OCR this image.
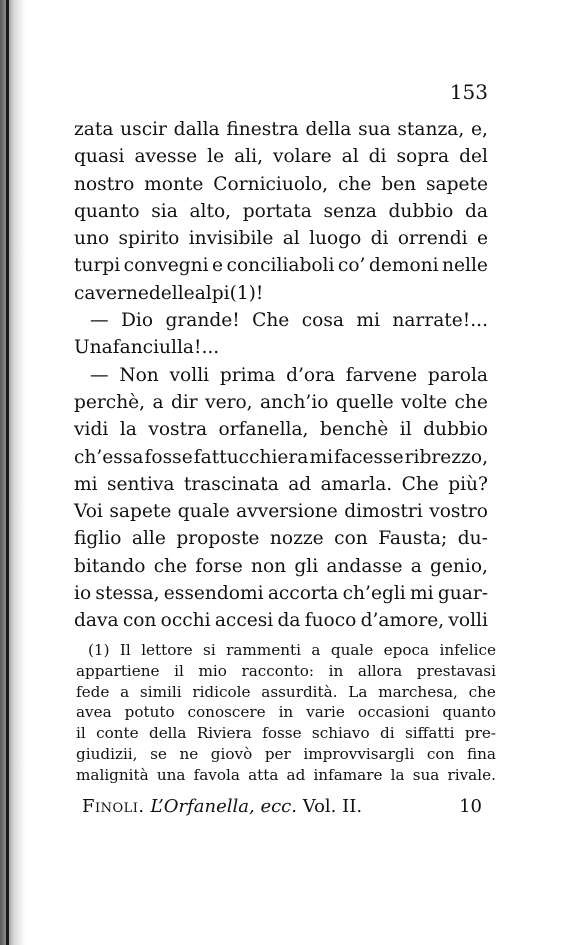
153
zata uscir dalla finestra della sua stanza, e,
quasi avesse le ali, volare al di sopra del
nostro monte Corniciuolo, che ben sapete
quanto sia alto, portata senza dubbio da
uno spirito invisibile al luogo di orrendi e
turpi convegni e conciliaboli co’ demoni nelle
caverne delle alpi (1)!
— Dio grande! Che cosa mi narrate!...
Una fanciulla!...
— Non volli prima d’ora farvene parola
perchè, a dir vero, anch’io quelle volte che
vidi la vostra orfanella, benchè il dubbio
ch’essa fosse fattucchiera mi facesse ribrezzo,
mi sentiva trascinata ad amarla. Che più?
Voi sapete quale avversione dimostri vostro
figlio alle proposte nozze con Fausta; du-
bitando che forse non gli andasse a genio,
io stessa, essendomi accorta ch’egli mi guar-
dava con occhi accesi da fuoco d’amore, volli
(1) Il lettore si rammenti a quale epoca infelice
appartiene il mio racconto: in allora prestavasi
fede a simili ridicole assurdità. La marchesa, che
avea potuto conoscere in varie occasioni quanto
il conte della Riviera fosse schiavo di siffatti pre-
giudizii, se ne giovò per improvvisargli con fina
malignità una favola atta ad infamare la sua rivale.
Finoli. L’Orfanella, ecc. Vol. II.	10
